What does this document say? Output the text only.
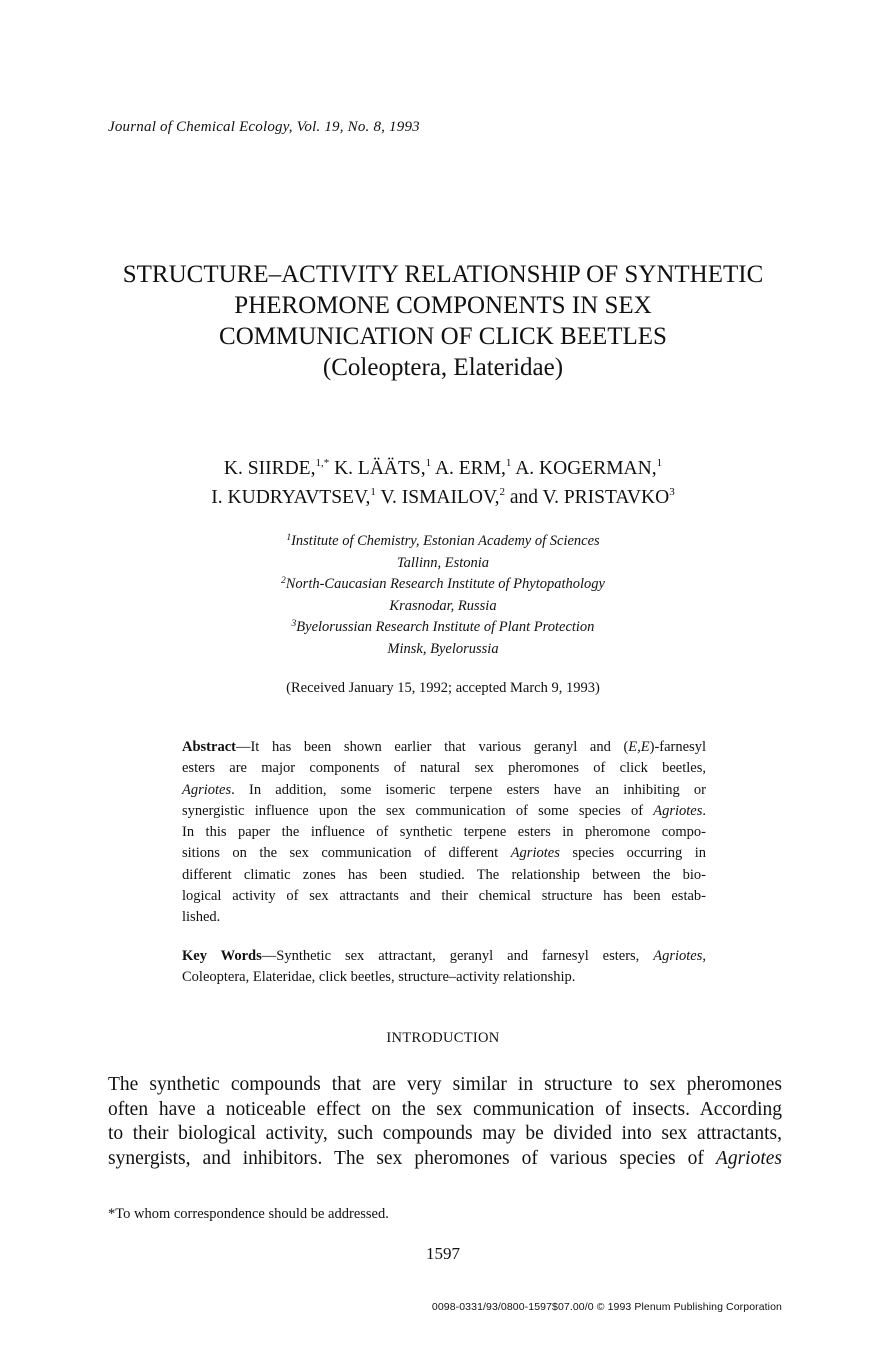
Journal of Chemical Ecology, Vol. 19, No. 8, 1993
STRUCTURE–ACTIVITY RELATIONSHIP OF SYNTHETIC
PHEROMONE COMPONENTS IN SEX
COMMUNICATION OF CLICK BEETLES
(Coleoptera, Elateridae)
K. SIIRDE,$^{1,*}$ K. LÄÄTS,$^1$ A. ERM,$^1$ A. KOGERMAN,$^1$
I. KUDRYAVTSEV,$^1$ V. ISMAILOV,$^2$ and V. PRISTAVKO$^3$
$^1$Institute of Chemistry, Estonian Academy of Sciences
Tallinn, Estonia
$^2$North-Caucasian Research Institute of Phytopathology
Krasnodar, Russia
$^3$Byelorussian Research Institute of Plant Protection
Minsk, Byelorussia
(Received January 15, 1992; accepted March 9, 1993)
Abstract—It has been shown earlier that various geranyl and (E,E)-farnesyl
esters are major components of natural sex pheromones of click beetles,
Agriotes. In addition, some isomeric terpene esters have an inhibiting or
synergistic influence upon the sex communication of some species of Agriotes.
In this paper the influence of synthetic terpene esters in pheromone compo-
sitions on the sex communication of different Agriotes species occurring in
different climatic zones has been studied. The relationship between the bio-
logical activity of sex attractants and their chemical structure has been estab-
lished.
Key Words—Synthetic sex attractant, geranyl and farnesyl esters, Agriotes,
Coleoptera, Elateridae, click beetles, structure–activity relationship.
INTRODUCTION
The synthetic compounds that are very similar in structure to sex pheromones
often have a noticeable effect on the sex communication of insects. According
to their biological activity, such compounds may be divided into sex attractants,
synergists, and inhibitors. The sex pheromones of various species of Agriotes
*To whom correspondence should be addressed.
1597
0098-0331/93/0800-1597$07.00/0 © 1993 Plenum Publishing Corporation
